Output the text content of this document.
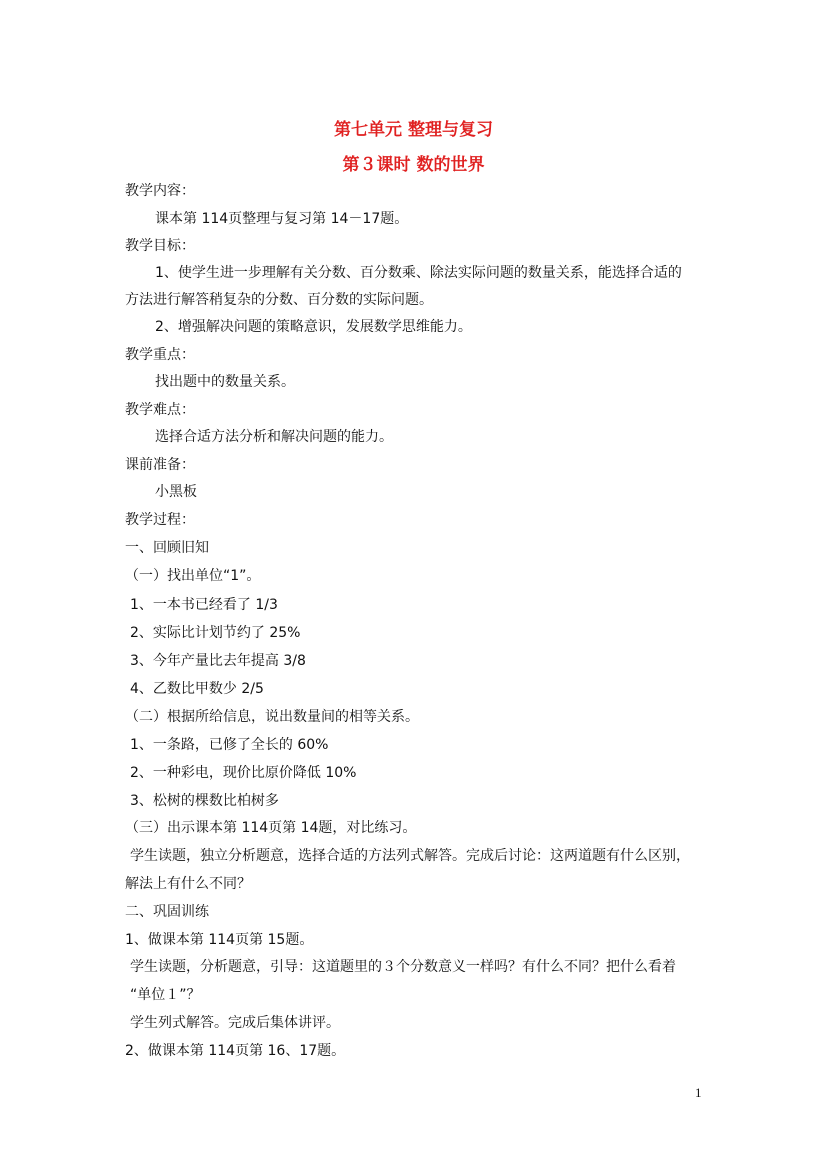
第七单元 整理与复习
第３课时 数的世界
教学内容：
课本第 114页整理与复习第 14－17题。
教学目标：
1、使学生进一步理解有关分数、百分数乘、除法实际问题的数量关系，能选择合适的
方法进行解答稍复杂的分数、百分数的实际问题。
2、增强解决问题的策略意识，发展数学思维能力。
教学重点：
找出题中的数量关系。
教学难点：
选择合适方法分析和解决问题的能力。
课前准备：
小黑板
教学过程：
一、回顾旧知
（一）找出单位“1”。
1、一本书已经看了 1/3
2、实际比计划节约了 25%
3、今年产量比去年提高 3/8
4、乙数比甲数少 2/5
（二）根据所给信息，说出数量间的相等关系。
1、一条路，已修了全长的 60%
2、一种彩电，现价比原价降低 10%
3、松树的棵数比柏树多
（三）出示课本第 114页第 14题，对比练习。
学生读题，独立分析题意，选择合适的方法列式解答。完成后讨论：这两道题有什么区别，
解法上有什么不同？
二、巩固训练
1、做课本第 114页第 15题。
学生读题，分析题意，引导：这道题里的３个分数意义一样吗？有什么不同？把什么看着
“单位１”？
学生列式解答。完成后集体讲评。
2、做课本第 114页第 16、17题。
1
